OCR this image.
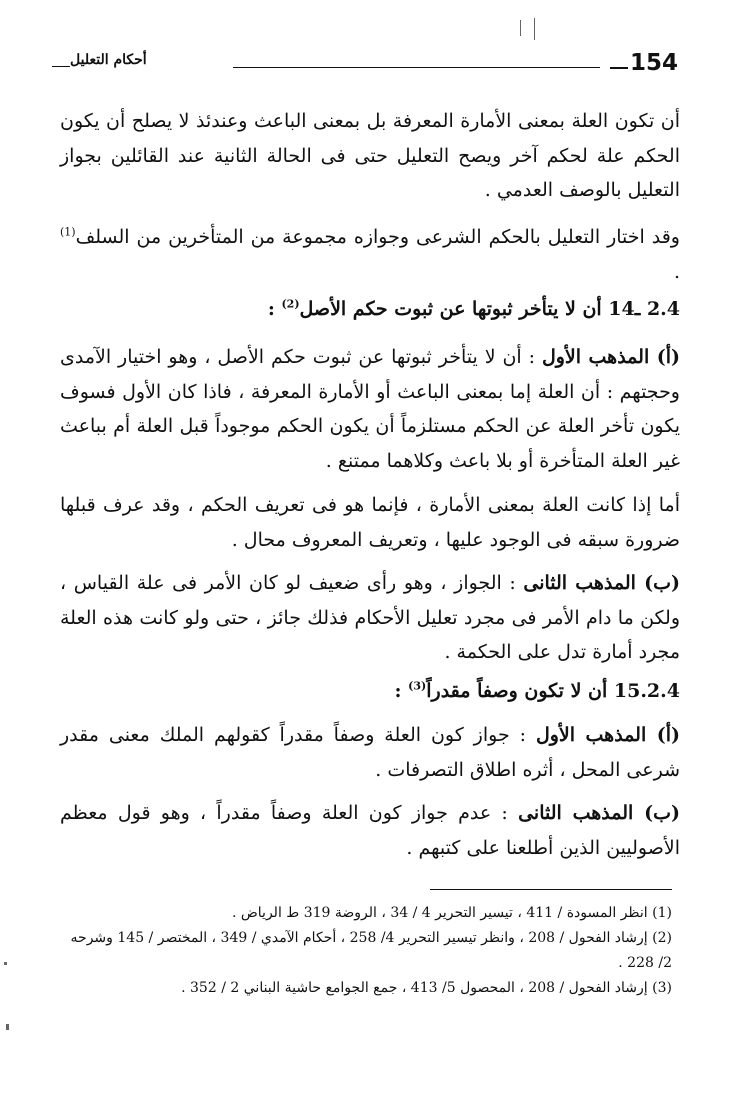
154
أحكام التعليل

أن تكون العلة بمعنى الأمارة المعرفة بل بمعنى الباعث وعندئذ لا يصلح أن يكون الحكم علة لحكم آخر ويصح التعليل حتى فى الحالة الثانية عند القائلين بجواز التعليل بالوصف العدمي .

وقد اختار التعليل بالحكم الشرعى وجوازه مجموعة من المتأخرين من السلف$^{(1)}$ .

2.4 ـ14 أن لا يتأخر ثبوتها عن ثبوت حكم الأصل$^{(2)}$ :

(أ) المذهب الأول : أن لا يتأخر ثبوتها عن ثبوت حكم الأصل ، وهو اختيار الآمدى وحجتهم : أن العلة إما بمعنى الباعث أو الأمارة المعرفة ، فاذا كان الأول فسوف يكون تأخر العلة عن الحكم مستلزماً أن يكون الحكم موجوداً قبل العلة أم بباعث غير العلة المتأخرة أو بلا باعث وكلاهما ممتنع .

أما إذا كانت العلة بمعنى الأمارة ، فإنما هو فى تعريف الحكم ، وقد عرف قبلها ضرورة سبقه فى الوجود عليها ، وتعريف المعروف محال .

(ب) المذهب الثانى : الجواز ، وهو رأى ضعيف لو كان الأمر فى علة القياس ، ولكن ما دام الأمر فى مجرد تعليل الأحكام فذلك جائز ، حتى ولو كانت هذه العلة مجرد أمارة تدل على الحكمة .

15.2.4 أن لا تكون وصفاً مقدراً$^{(3)}$ :

(أ) المذهب الأول : جواز كون العلة وصفاً مقدراً كقولهم الملك معنى مقدر شرعى المحل ، أثره اطلاق التصرفات .

(ب) المذهب الثانى : عدم جواز كون العلة وصفاً مقدراً ، وهو قول معظم الأصوليين الذين أطلعنا على كتبهم .

(1) انظر المسودة / 411 ، تيسير التحرير 4 / 34 ، الروضة 319 ط الرياض .

(2) إرشاد الفحول / 208 ، وانظر تيسير التحرير 4/ 258 ، أحكام الآمدي / 349 ، المختصر / 145 وشرحه 2/ 228 .

(3) إرشاد الفحول / 208 ، المحصول 5/ 413 ، جمع الجوامع حاشية البناني 2 / 352 .
